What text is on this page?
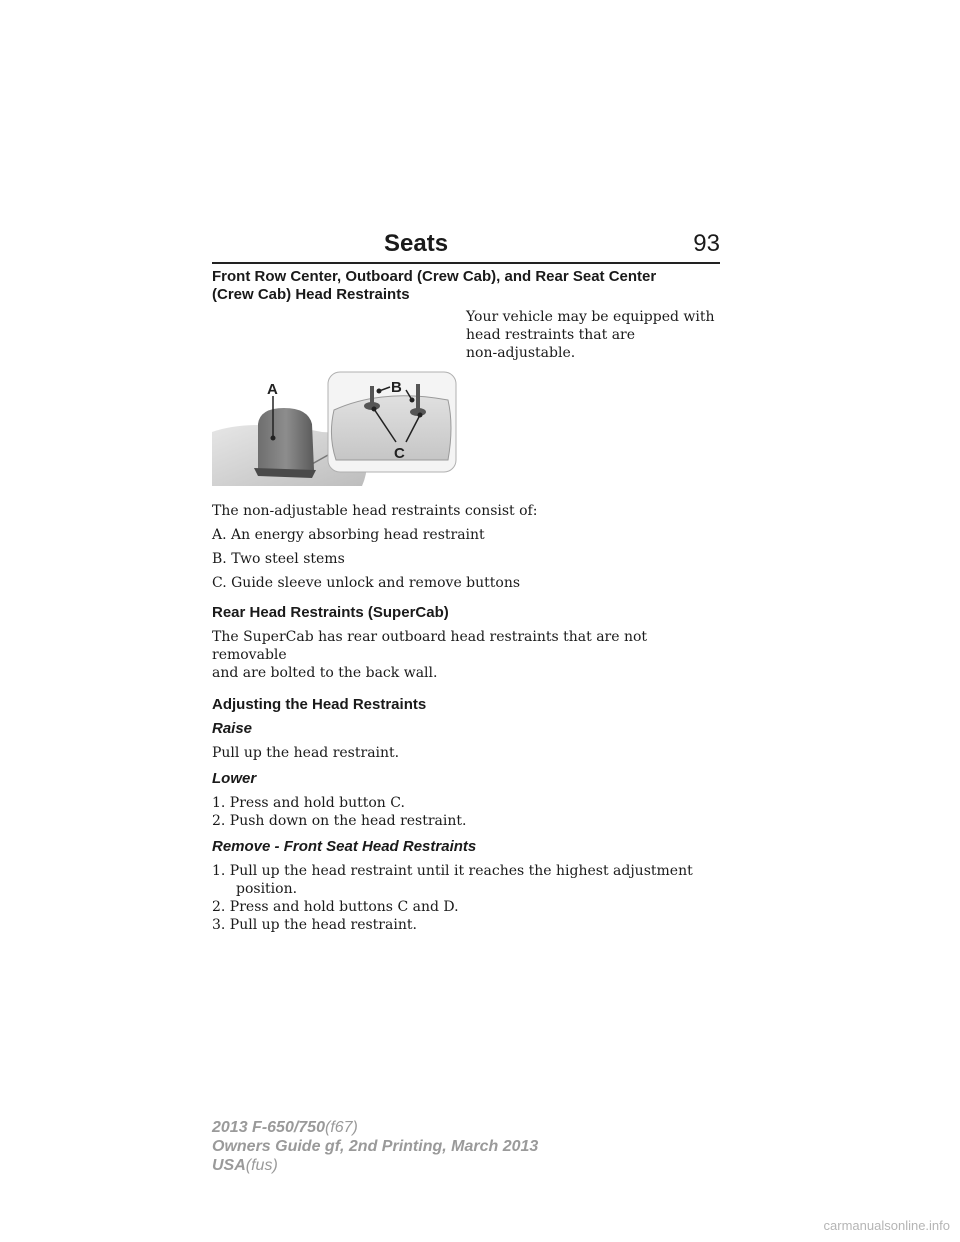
Seats	93

Front Row Center, Outboard (Crew Cab), and Rear Seat Center
(Crew Cab) Head Restraints

A	B
C

Your vehicle may be equipped with

head restraints that are

non-adjustable.

The non-adjustable head restraints consist of:

A. An energy absorbing head restraint

B. Two steel stems

C. Guide sleeve unlock and remove buttons

Rear Head Restraints (SuperCab)

The SuperCab has rear outboard head restraints that are not removable
and are bolted to the back wall.

Adjusting the Head Restraints

Raise

Pull up the head restraint.

Lower

1. Press and hold button C.
2. Push down on the head restraint.

Remove - Front Seat Head Restraints

1. Pull up the head restraint until it reaches the highest adjustment position.
2. Press and hold buttons C and D.
3. Pull up the head restraint.

2013 F-650/750(f67)

Owners Guide gf, 2nd Printing, March 2013

USA(fus)

carmanualsonline.info
